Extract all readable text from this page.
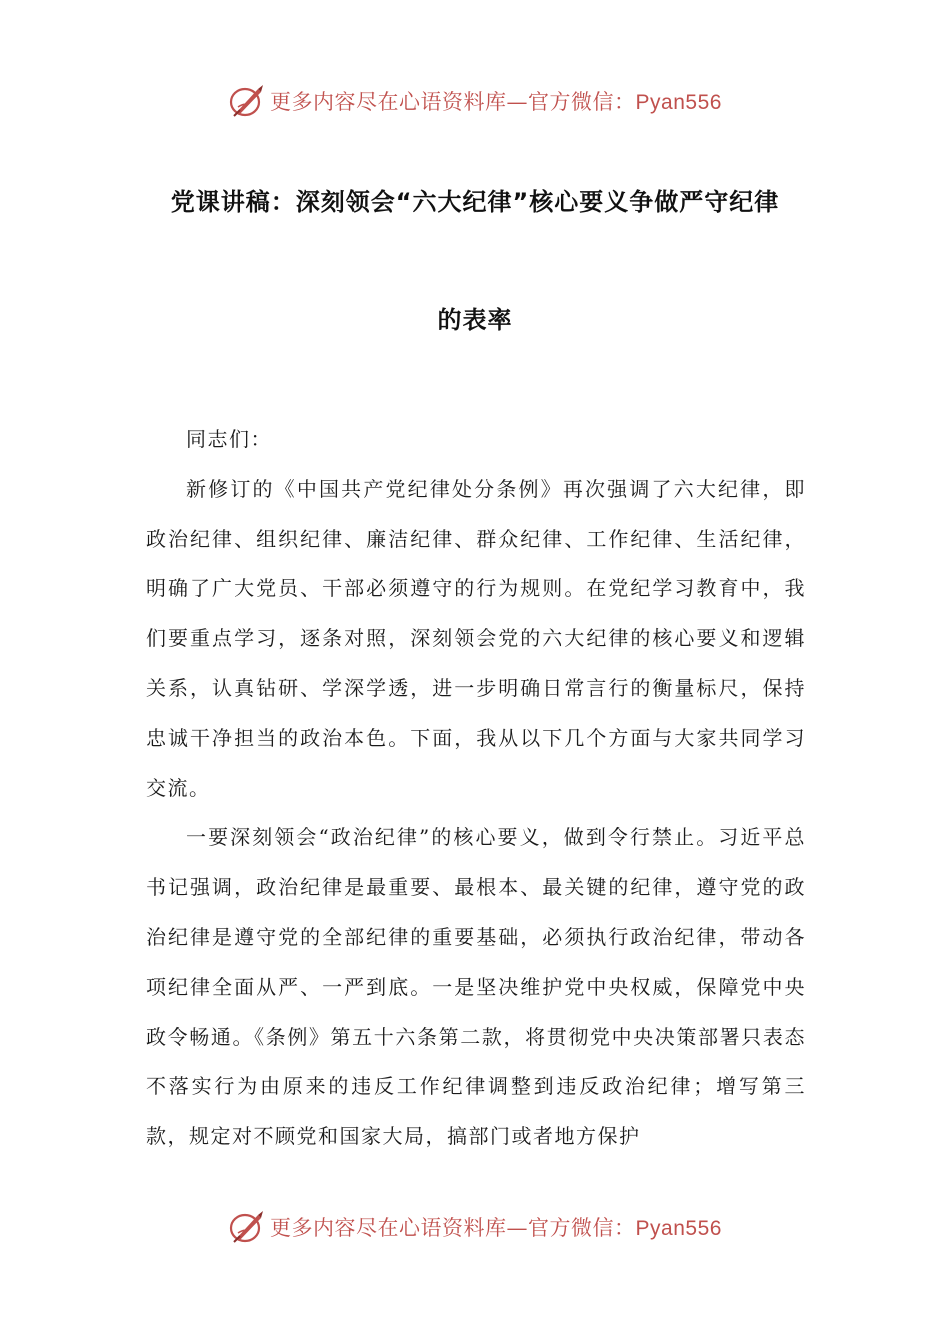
更多内容尽在心语资料库—官方微信：Pyan556
党课讲稿：深刻领会“六大纪律”核心要义争做严守纪律
的表率

同志们：

新修订的《中国共产党纪律处分条例》再次强调了六大纪律，即政治纪律、组织纪律、廉洁纪律、群众纪律、工作纪律、生活纪律，明确了广大党员、干部必须遵守的行为规则。在党纪学习教育中，我们要重点学习，逐条对照，深刻领会党的六大纪律的核心要义和逻辑关系，认真钻研、学深学透，进一步明确日常言行的衡量标尺，保持忠诚干净担当的政治本色。下面，我从以下几个方面与大家共同学习交流。

一要深刻领会“政治纪律”的核心要义，做到令行禁止。习近平总书记强调，政治纪律是最重要、最根本、最关键的纪律，遵守党的政治纪律是遵守党的全部纪律的重要基础，必须执行政治纪律，带动各项纪律全面从严、一严到底。一是坚决维护党中央权威，保障党中央政令畅通。《条例》第五十六条第二款，将贯彻党中央决策部署只表态不落实行为由原来的违反工作纪律调整到违反政治纪律；增写第三款，规定对不顾党和国家大局，搞部门或者地方保护

更多内容尽在心语资料库—官方微信：Pyan556
